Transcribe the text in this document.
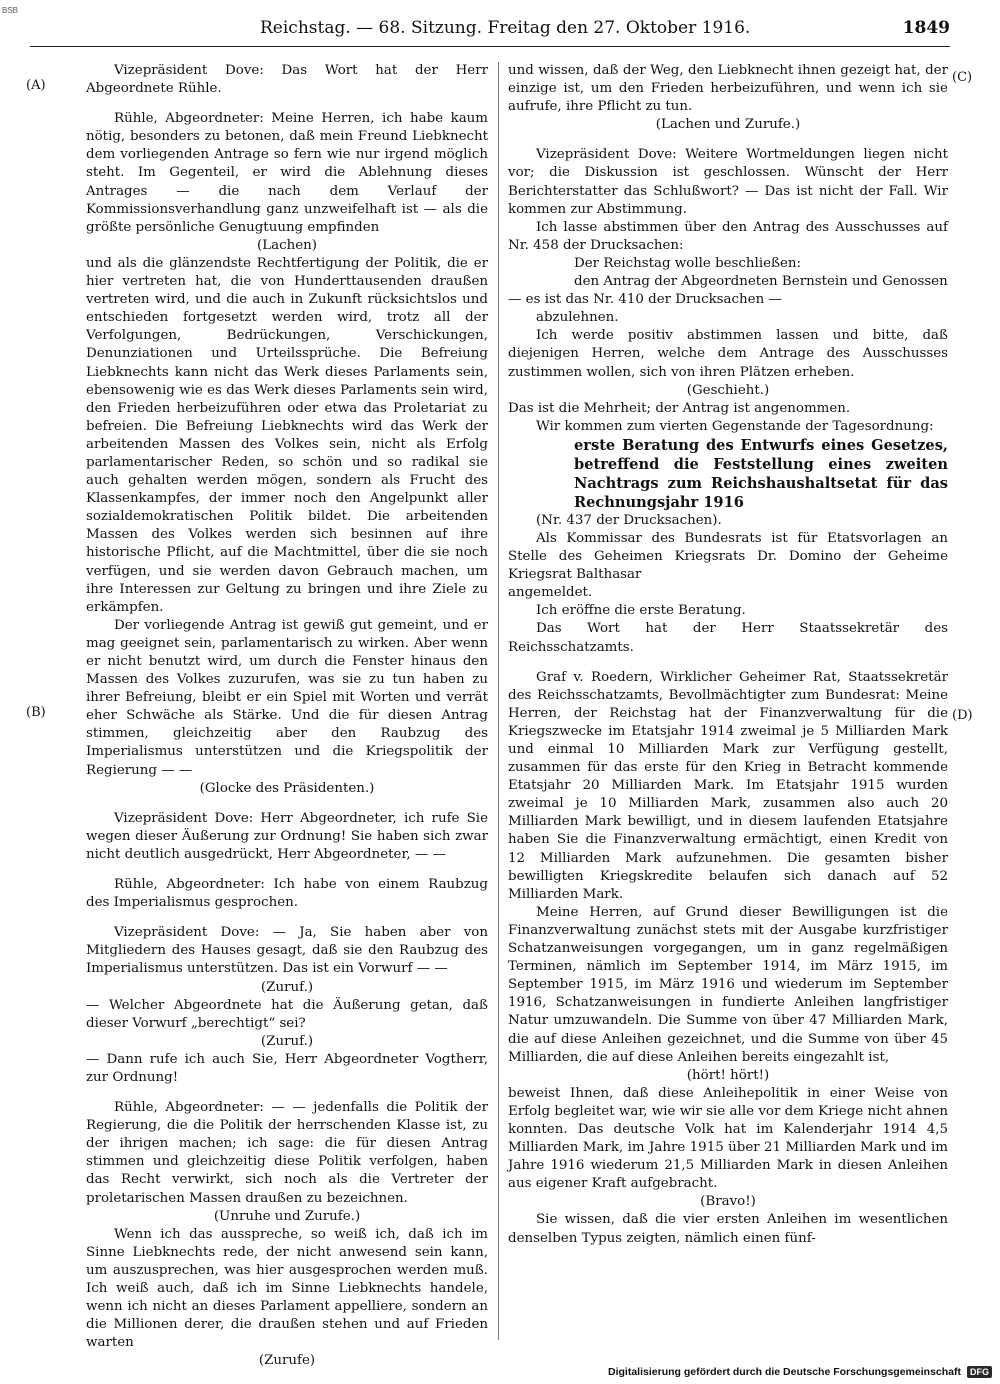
BSB
Reichstag. — 68. Sitzung. Freitag den 27. Oktober 1916.	1849
(A)
(B)
(C)
(D)

Vizepräsident Dove: Das Wort hat der Herr Abgeordnete Rühle.

Rühle, Abgeordneter: Meine Herren, ich habe kaum nötig, besonders zu betonen, daß mein Freund Liebknecht dem vorliegenden Antrage so fern wie nur irgend möglich steht. Im Gegenteil, er wird die Ablehnung dieses Antrages — die nach dem Verlauf der Kommissionsverhandlung ganz unzweifelhaft ist — als die größte persönliche Genugtuung empfinden

(Lachen)

und als die glänzendste Rechtfertigung der Politik, die er hier vertreten hat, die von Hunderttausenden draußen vertreten wird, und die auch in Zukunft rücksichtslos und entschieden fortgesetzt werden wird, trotz all der Verfolgungen, Bedrückungen, Verschickungen, Denunziationen und Urteilssprüche. Die Befreiung Liebknechts kann nicht das Werk dieses Parlaments sein, ebensowenig wie es das Werk dieses Parlaments sein wird, den Frieden herbeizuführen oder etwa das Proletariat zu befreien. Die Befreiung Liebknechts wird das Werk der arbeitenden Massen des Volkes sein, nicht als Erfolg parlamentarischer Reden, so schön und so radikal sie auch gehalten werden mögen, sondern als Frucht des Klassenkampfes, der immer noch den Angelpunkt aller sozialdemokratischen Politik bildet. Die arbeitenden Massen des Volkes werden sich besinnen auf ihre historische Pflicht, auf die Machtmittel, über die sie noch verfügen, und sie werden davon Gebrauch machen, um ihre Interessen zur Geltung zu bringen und ihre Ziele zu erkämpfen.

Der vorliegende Antrag ist gewiß gut gemeint, und er mag geeignet sein, parlamentarisch zu wirken. Aber wenn er nicht benutzt wird, um durch die Fenster hinaus den Massen des Volkes zuzurufen, was sie zu tun haben zu ihrer Befreiung, bleibt er ein Spiel mit Worten und verrät eher Schwäche als Stärke. Und die für diesen Antrag stimmen, gleichzeitig aber den Raubzug des Imperialismus unterstützen und die Kriegspolitik der Regierung — —

(Glocke des Präsidenten.)

Vizepräsident Dove: Herr Abgeordneter, ich rufe Sie wegen dieser Äußerung zur Ordnung! Sie haben sich zwar nicht deutlich ausgedrückt, Herr Abgeordneter, — —

Rühle, Abgeordneter: Ich habe von einem Raubzug des Imperialismus gesprochen.

Vizepräsident Dove: — Ja, Sie haben aber von Mitgliedern des Hauses gesagt, daß sie den Raubzug des Imperialismus unterstützen. Das ist ein Vorwurf — —

(Zuruf.)

— Welcher Abgeordnete hat die Äußerung getan, daß dieser Vorwurf „berechtigt“ sei?

(Zuruf.)

— Dann rufe ich auch Sie, Herr Abgeordneter Vogtherr, zur Ordnung!

Rühle, Abgeordneter: — — jedenfalls die Politik der Regierung, die die Politik der herrschenden Klasse ist, zu der ihrigen machen; ich sage: die für diesen Antrag stimmen und gleichzeitig diese Politik verfolgen, haben das Recht verwirkt, sich noch als die Vertreter der proletarischen Massen draußen zu bezeichnen.

(Unruhe und Zurufe.)

Wenn ich das ausspreche, so weiß ich, daß ich im Sinne Liebknechts rede, der nicht anwesend sein kann, um auszusprechen, was hier ausgesprochen werden muß. Ich weiß auch, daß ich im Sinne Liebknechts handele, wenn ich nicht an dieses Parlament appelliere, sondern an die Millionen derer, die draußen stehen und auf Frieden warten

(Zurufe)

und wissen, daß der Weg, den Liebknecht ihnen gezeigt hat, der einzige ist, um den Frieden herbeizuführen, und wenn ich sie aufrufe, ihre Pflicht zu tun.

(Lachen und Zurufe.)

Vizepräsident Dove: Weitere Wortmeldungen liegen nicht vor; die Diskussion ist geschlossen. Wünscht der Herr Berichterstatter das Schlußwort? — Das ist nicht der Fall. Wir kommen zur Abstimmung.

Ich lasse abstimmen über den Antrag des Ausschusses auf Nr. 458 der Drucksachen:

Der Reichstag wolle beschließen:

den Antrag der Abgeordneten Bernstein und Genossen

— es ist das Nr. 410 der Drucksachen —

abzulehnen.

Ich werde positiv abstimmen lassen und bitte, daß diejenigen Herren, welche dem Antrage des Ausschusses zustimmen wollen, sich von ihren Plätzen erheben.

(Geschieht.)

Das ist die Mehrheit; der Antrag ist angenommen.

Wir kommen zum vierten Gegenstande der Tagesordnung:

erste Beratung des Entwurfs eines Gesetzes, betreffend die Feststellung eines zweiten Nachtrags zum Reichshaushaltsetat für das Rechnungsjahr 1916

(Nr. 437 der Drucksachen).

Als Kommissar des Bundesrats ist für Etatsvorlagen an Stelle des Geheimen Kriegsrats Dr. Domino der Geheime Kriegsrat Balthasar

angemeldet.

Ich eröffne die erste Beratung.

Das Wort hat der Herr Staatssekretär des Reichsschatzamts.

Graf v. Roedern, Wirklicher Geheimer Rat, Staatssekretär des Reichsschatzamts, Bevollmächtigter zum Bundesrat: Meine Herren, der Reichstag hat der Finanzverwaltung für die Kriegszwecke im Etatsjahr 1914 zweimal je 5 Milliarden Mark und einmal 10 Milliarden Mark zur Verfügung gestellt, zusammen für das erste für den Krieg in Betracht kommende Etatsjahr 20 Milliarden Mark. Im Etatsjahr 1915 wurden zweimal je 10 Milliarden Mark, zusammen also auch 20 Milliarden Mark bewilligt, und in diesem laufenden Etatsjahre haben Sie die Finanzverwaltung ermächtigt, einen Kredit von 12 Milliarden Mark aufzunehmen. Die gesamten bisher bewilligten Kriegskredite belaufen sich danach auf 52 Milliarden Mark.

Meine Herren, auf Grund dieser Bewilligungen ist die Finanzverwaltung zunächst stets mit der Ausgabe kurzfristiger Schatzanweisungen vorgegangen, um in ganz regelmäßigen Terminen, nämlich im September 1914, im März 1915, im September 1915, im März 1916 und wiederum im September 1916, Schatzanweisungen in fundierte Anleihen langfristiger Natur umzuwandeln. Die Summe von über 47 Milliarden Mark, die auf diese Anleihen gezeichnet, und die Summe von über 45 Milliarden, die auf diese Anleihen bereits eingezahlt ist,

(hört! hört!)

beweist Ihnen, daß diese Anleihepolitik in einer Weise von Erfolg begleitet war, wie wir sie alle vor dem Kriege nicht ahnen konnten. Das deutsche Volk hat im Kalenderjahr 1914 4,5 Milliarden Mark, im Jahre 1915 über 21 Milliarden Mark und im Jahre 1916 wiederum 21,5 Milliarden Mark in diesen Anleihen aus eigener Kraft aufgebracht.

(Bravo!)

Sie wissen, daß die vier ersten Anleihen im wesentlichen denselben Typus zeigten, nämlich einen fünf-

Digitalisierung gefördert durch die Deutsche Forschungsgemeinschaft	DFG
